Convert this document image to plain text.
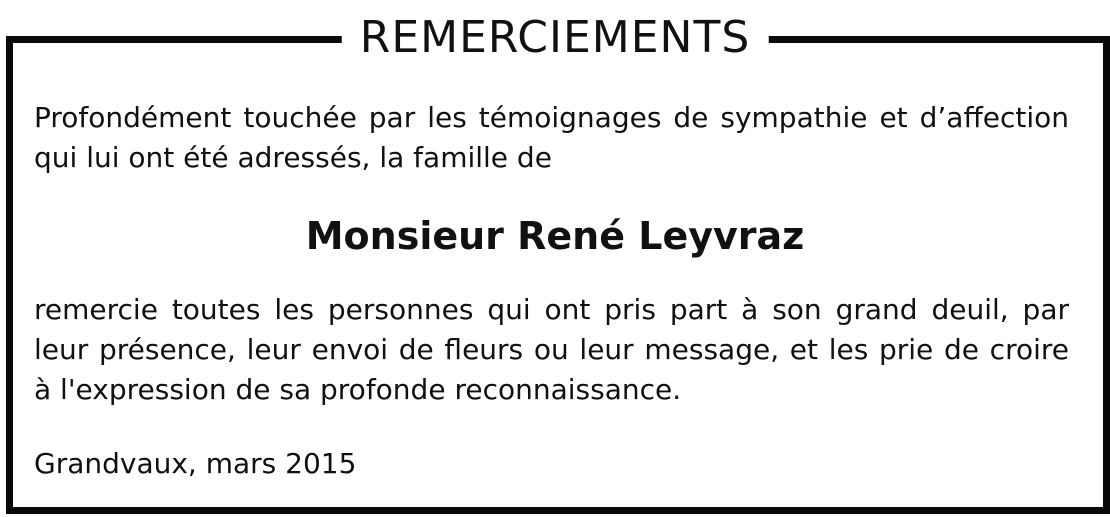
REMERCIEMENTS

Profondément touchée par les témoignages de sympathie et d’affection qui lui ont été adressés, la famille de

Monsieur René Leyvraz

remercie toutes les personnes qui ont pris part à son grand deuil, par leur présence, leur envoi de fleurs ou leur message, et les prie de croire à l'expression de sa profonde reconnaissance.

Grandvaux, mars 2015
